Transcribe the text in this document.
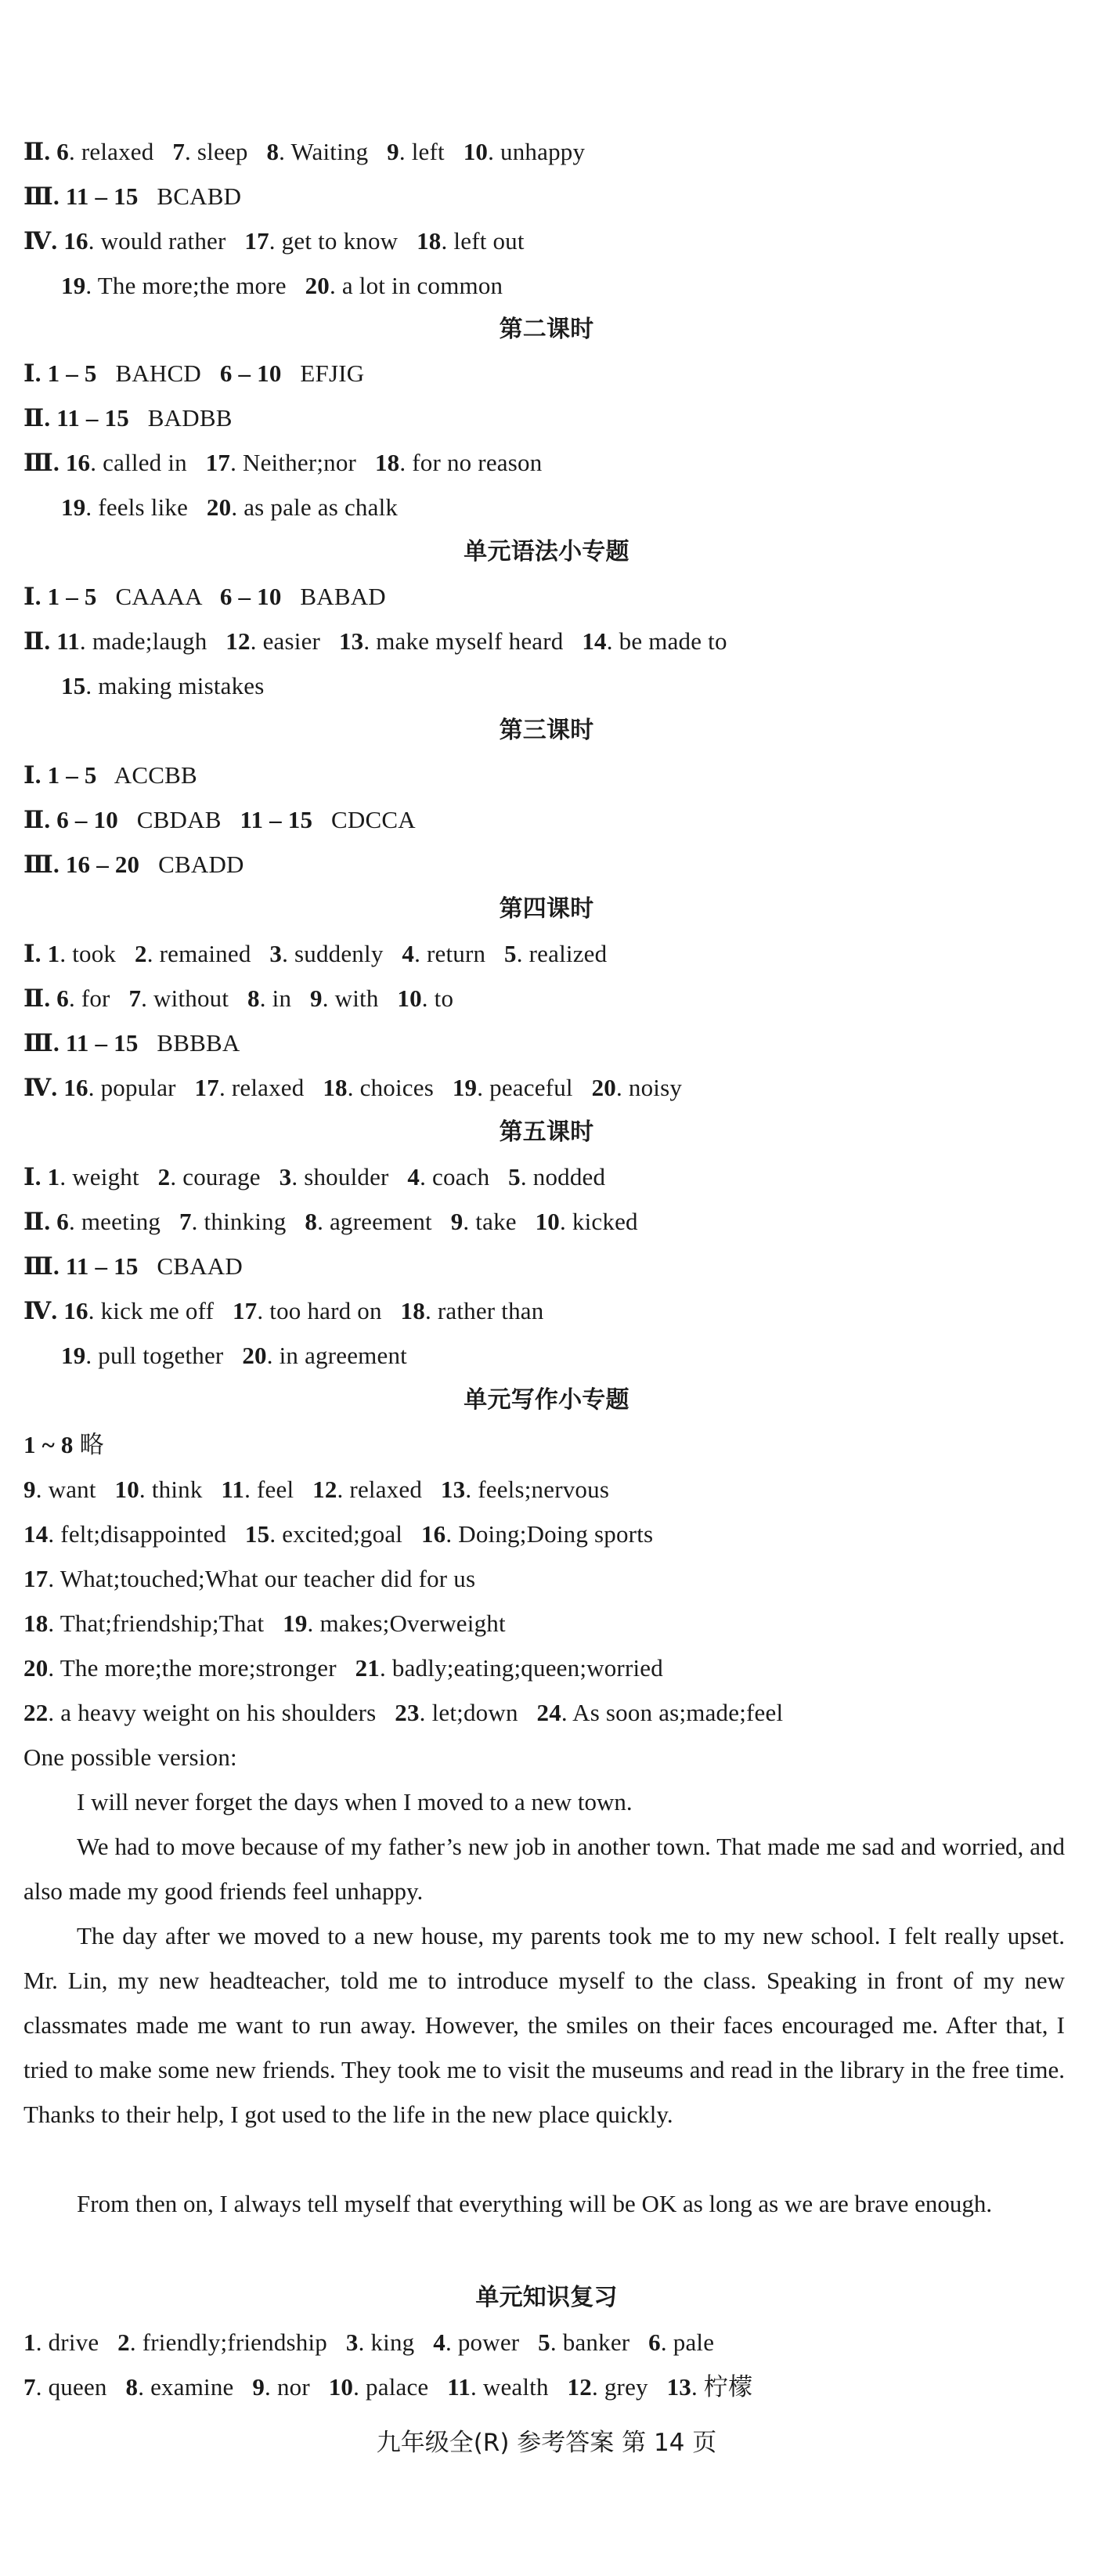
Ⅱ. 6. relaxed   7. sleep   8. Waiting   9. left   10. unhappy
Ⅲ. 11 – 15   BCABD
Ⅳ. 16. would rather   17. get to know   18. left out
19. The more;the more   20. a lot in common
第二课时
Ⅰ. 1 – 5   BAHCD   6 – 10   EFJIG
Ⅱ. 11 – 15   BADBB
Ⅲ. 16. called in   17. Neither;nor   18. for no reason
19. feels like   20. as pale as chalk
单元语法小专题
Ⅰ. 1 – 5   CAAAA   6 – 10   BABAD
Ⅱ. 11. made;laugh   12. easier   13. make myself heard   14. be made to
15. making mistakes
第三课时
Ⅰ. 1 – 5   ACCBB
Ⅱ. 6 – 10   CBDAB   11 – 15   CDCCA
Ⅲ. 16 – 20   CBADD
第四课时
Ⅰ. 1. took   2. remained   3. suddenly   4. return   5. realized
Ⅱ. 6. for   7. without   8. in   9. with   10. to
Ⅲ. 11 – 15   BBBBA
Ⅳ. 16. popular   17. relaxed   18. choices   19. peaceful   20. noisy
第五课时
Ⅰ. 1. weight   2. courage   3. shoulder   4. coach   5. nodded
Ⅱ. 6. meeting   7. thinking   8. agreement   9. take   10. kicked
Ⅲ. 11 – 15   CBAAD
Ⅳ. 16. kick me off   17. too hard on   18. rather than
19. pull together   20. in agreement
单元写作小专题
1 ~ 8 略
9. want   10. think   11. feel   12. relaxed   13. feels;nervous
14. felt;disappointed   15. excited;goal   16. Doing;Doing sports
17. What;touched;What our teacher did for us
18. That;friendship;That   19. makes;Overweight
20. The more;the more;stronger   21. badly;eating;queen;worried
22. a heavy weight on his shoulders   23. let;down   24. As soon as;made;feel
One possible version:
I will never forget the days when I moved to a new town.
We had to move because of my father’s new job in another town. That made me sad and worried, and also made my good friends feel unhappy.
The day after we moved to a new house, my parents took me to my new school. I felt really upset. Mr. Lin, my new headteacher, told me to introduce myself to the class. Speaking in front of my new classmates made me want to run away. However, the smiles on their faces encouraged me. After that, I tried to make some new friends. They took me to visit the museums and read in the library in the free time. Thanks to their help, I got used to the life in the new place quickly.
From then on, I always tell myself that everything will be OK as long as we are brave enough.
单元知识复习
1. drive   2. friendly;friendship   3. king   4. power   5. banker   6. pale
7. queen   8. examine   9. nor   10. palace   11. wealth   12. grey   13. 柠檬
九年级全(R) 参考答案 第 14 页
